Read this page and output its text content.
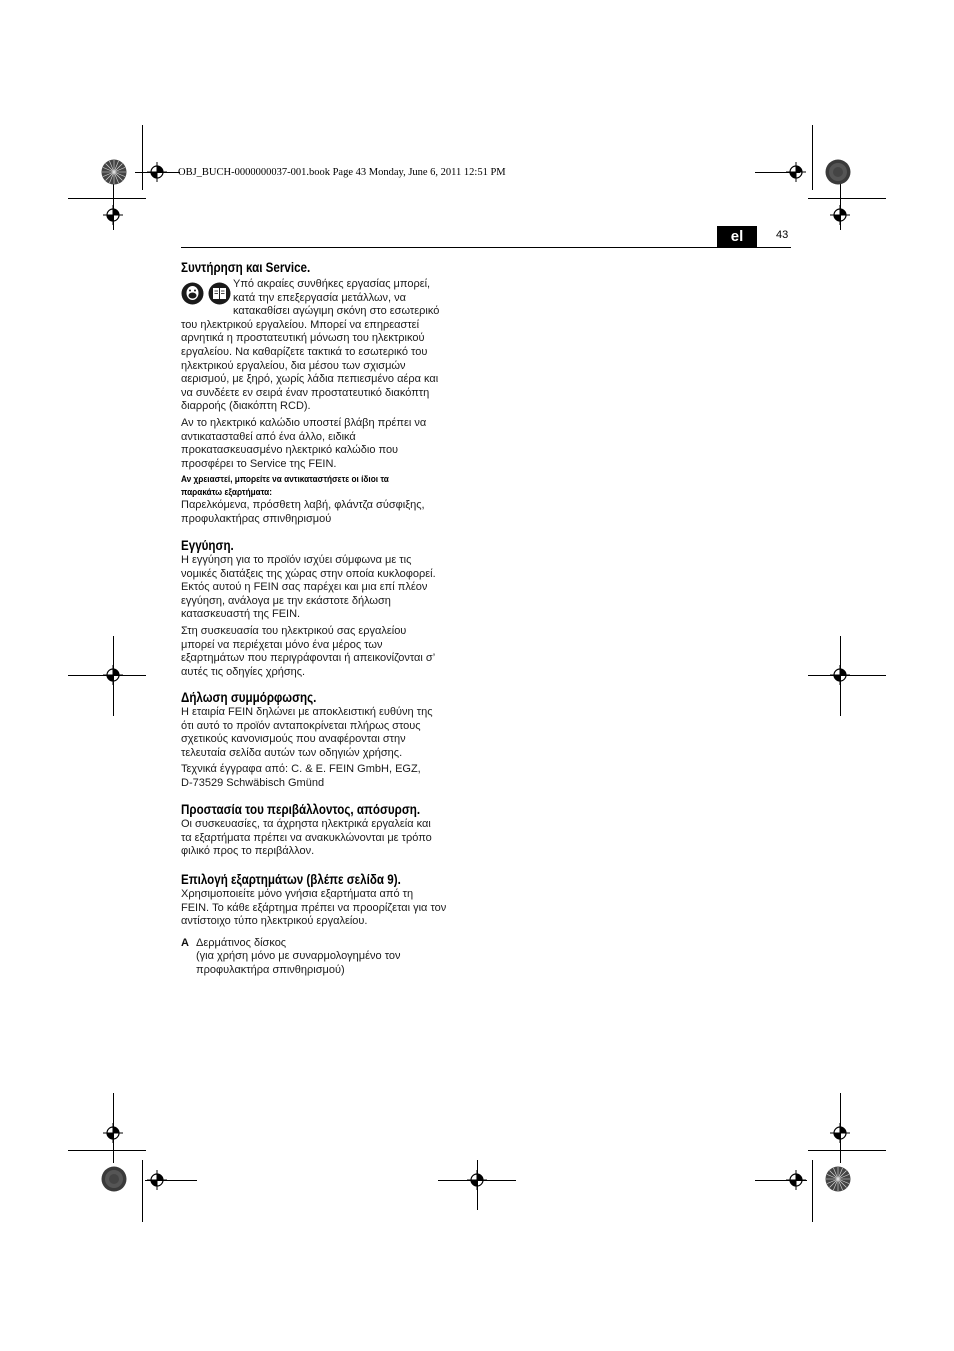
OBJ_BUCH-0000000037-001.book Page 43 Monday, June 6, 2011 12:51 PM
el	43
Συντήρηση και Service.

Υπό ακραίες συνθήκες εργασίας μπορεί,
κατά την επεξεργασία μετάλλων, να
κατακαθίσει αγώγιμη σκόνη στο εσωτερικό

του ηλεκτρικού εργαλείου. Μπορεί να επηρεαστεί
αρνητικά η προστατευτική μόνωση του ηλεκτρικού
εργαλείου. Να καθαρίζετε τακτικά το εσωτερικό του
ηλεκτρικού εργαλείου, δια μέσου των σχισμών
αερισμού, με ξηρό, χωρίς λάδια πεπιεσμένο αέρα και
να συνδέετε εν σειρά έναν προστατευτικό διακόπτη
διαρροής (διακόπτη RCD).

Αν το ηλεκτρικό καλώδιο υποστεί βλάβη πρέπει να
αντικατασταθεί από ένα άλλο, ειδικά
προκατασκευασμένο ηλεκτρικό καλώδιο που
προσφέρει το Service της FEIN.

Αν χρειαστεί, μπορείτε να αντικαταστήσετε οι ίδιοι τα
παρακάτω εξαρτήματα:

Παρελκόμενα, πρόσθετη λαβή, φλάντζα σύσφιξης,
προφυλακτήρας σπινθηρισμού

Εγγύηση.

Η εγγύηση για το προϊόν ισχύει σύμφωνα με τις
νομικές διατάξεις της χώρας στην οποία κυκλοφορεί.
Εκτός αυτού η FEIN σας παρέχει και μια επί πλέον
εγγύηση, ανάλογα με την εκάστοτε δήλωση
κατασκευαστή της FEIN.

Στη συσκευασία του ηλεκτρικού σας εργαλείου
μπορεί να περιέχεται μόνο ένα μέρος των
εξαρτημάτων που περιγράφονται ή απεικονίζονται σ’
αυτές τις οδηγίες χρήσης.

Δήλωση συμμόρφωσης.

Η εταιρία FEIN δηλώνει με αποκλειστική ευθύνη της
ότι αυτό το προϊόν ανταποκρίνεται πλήρως στους
σχετικούς κανονισμούς που αναφέρονται στην
τελευταία σελίδα αυτών των οδηγιών χρήσης.

Τεχνικά έγγραφα από: C. & E. FEIN GmbH, EGZ,
D-73529 Schwäbisch Gmünd

Προστασία του περιβάλλοντος, απόσυρση.

Οι συσκευασίες, τα άχρηστα ηλεκτρικά εργαλεία και
τα εξαρτήματα πρέπει να ανακυκλώνονται με τρόπο
φιλικό προς το περιβάλλον.

Επιλογή εξαρτημάτων (βλέπε σελίδα 9).

Χρησιμοποιείτε μόνο γνήσια εξαρτήματα από τη
FEIN. Το κάθε εξάρτημα πρέπει να προορίζεται για τον
αντίστοιχο τύπο ηλεκτρικού εργαλείου.

A Δερμάτινος δίσκος
(για χρήση μόνο με συναρμολογημένο τον
προφυλακτήρα σπινθηρισμού)
